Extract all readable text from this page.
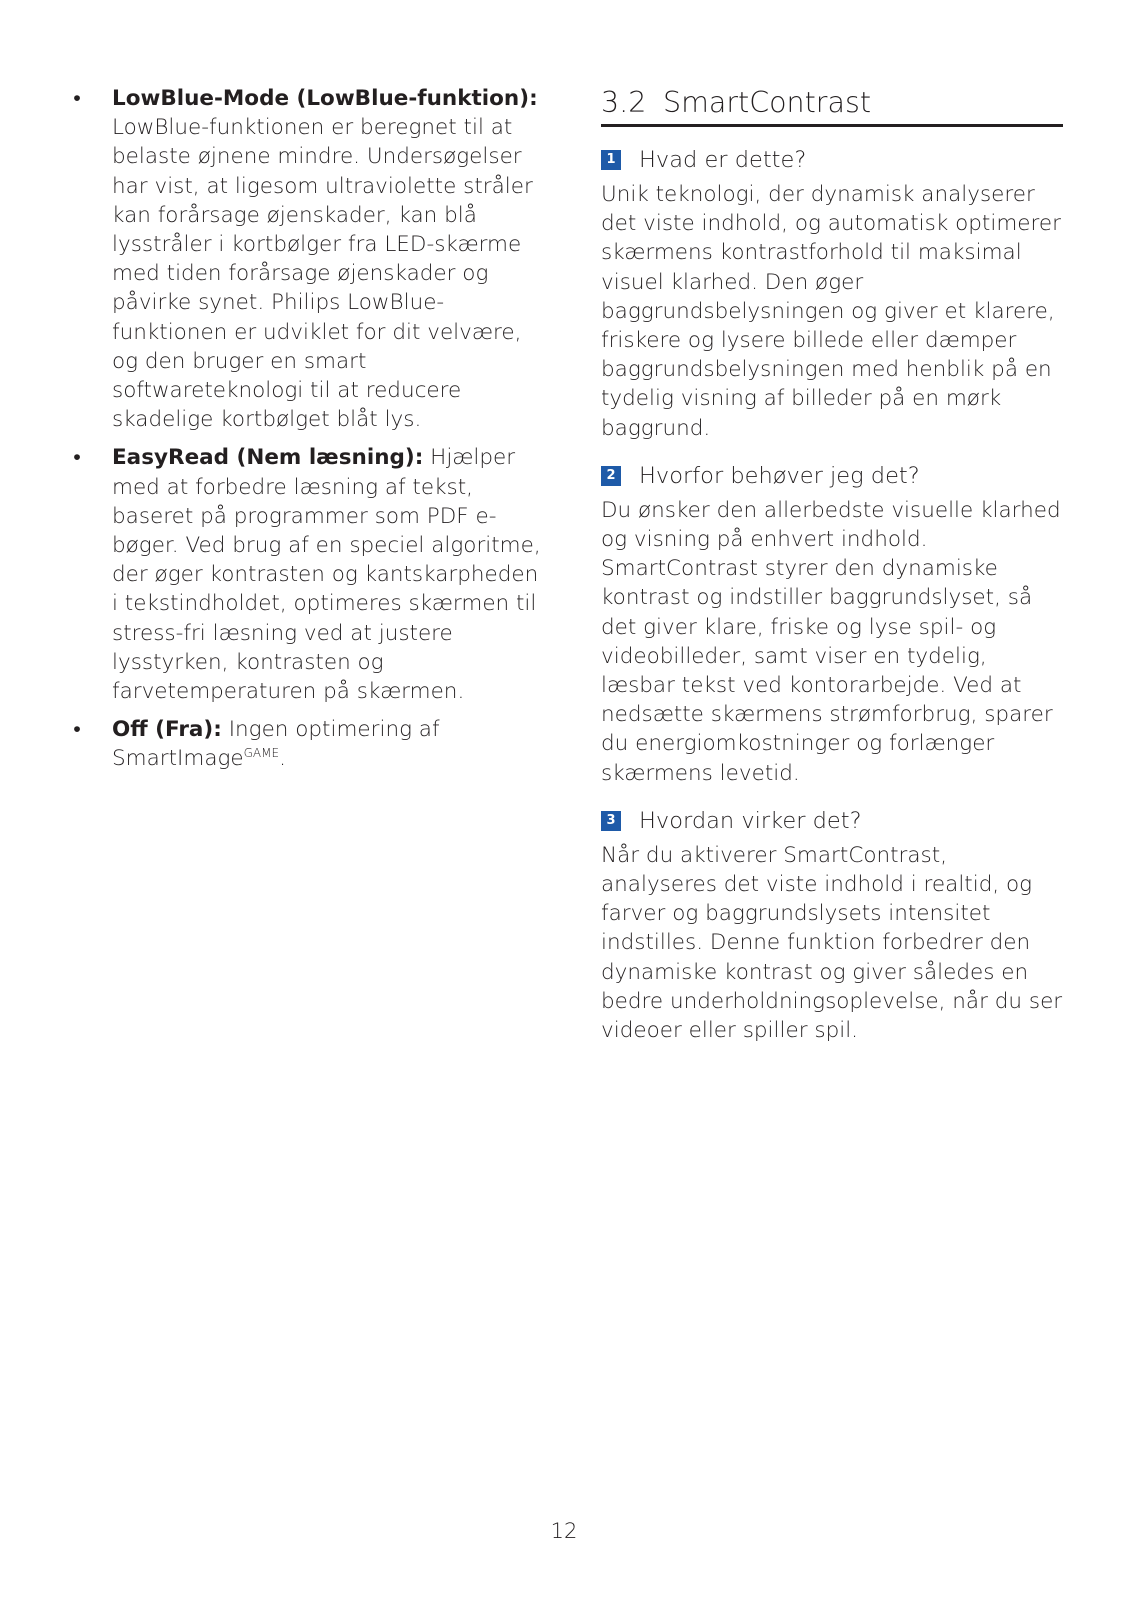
• LowBlue-Mode (LowBlue-funktion): LowBlue-funktionen er beregnet til at belaste øjnene mindre. Undersøgelser har vist, at ligesom ultraviolette stråler kan forårsage øjenskader, kan blå lysstråler i kortbølger fra LED-skærme med tiden forårsage øjenskader og påvirke synet. Philips LowBlue-funktionen er udviklet for dit velvære, og den bruger en smart softwareteknologi til at reducere skadelige kortbølget blåt lys.
• EasyRead (Nem læsning): Hjælper med at forbedre læsning af tekst, baseret på programmer som PDF e-bøger. Ved brug af en speciel algoritme, der øger kontrasten og kantskarpheden i tekstindholdet, optimeres skærmen til stress-fri læsning ved at justere lysstyrken, kontrasten og farvetemperaturen på skærmen.
• Off (Fra): Ingen optimering af SmartImage$^{GAME}$.
3.2 SmartContrast
1 Hvad er dette?

Unik teknologi, der dynamisk analyserer det viste indhold, og automatisk optimerer skærmens kontrastforhold til maksimal visuel klarhed. Den øger baggrundsbelysningen og giver et klarere, friskere og lysere billede eller dæmper baggrundsbelysningen med henblik på en tydelig visning af billeder på en mørk baggrund.

2 Hvorfor behøver jeg det?

Du ønsker den allerbedste visuelle klarhed og visning på enhvert indhold. SmartContrast styrer den dynamiske kontrast og indstiller baggrundslyset, så det giver klare, friske og lyse spil- og videobilleder, samt viser en tydelig, læsbar tekst ved kontorarbejde. Ved at nedsætte skærmens strømforbrug, sparer du energiomkostninger og forlænger skærmens levetid.

3 Hvordan virker det?

Når du aktiverer SmartContrast, analyseres det viste indhold i realtid, og farver og baggrundslysets intensitet indstilles. Denne funktion forbedrer den dynamiske kontrast og giver således en bedre underholdningsoplevelse, når du ser videoer eller spiller spil.

12
